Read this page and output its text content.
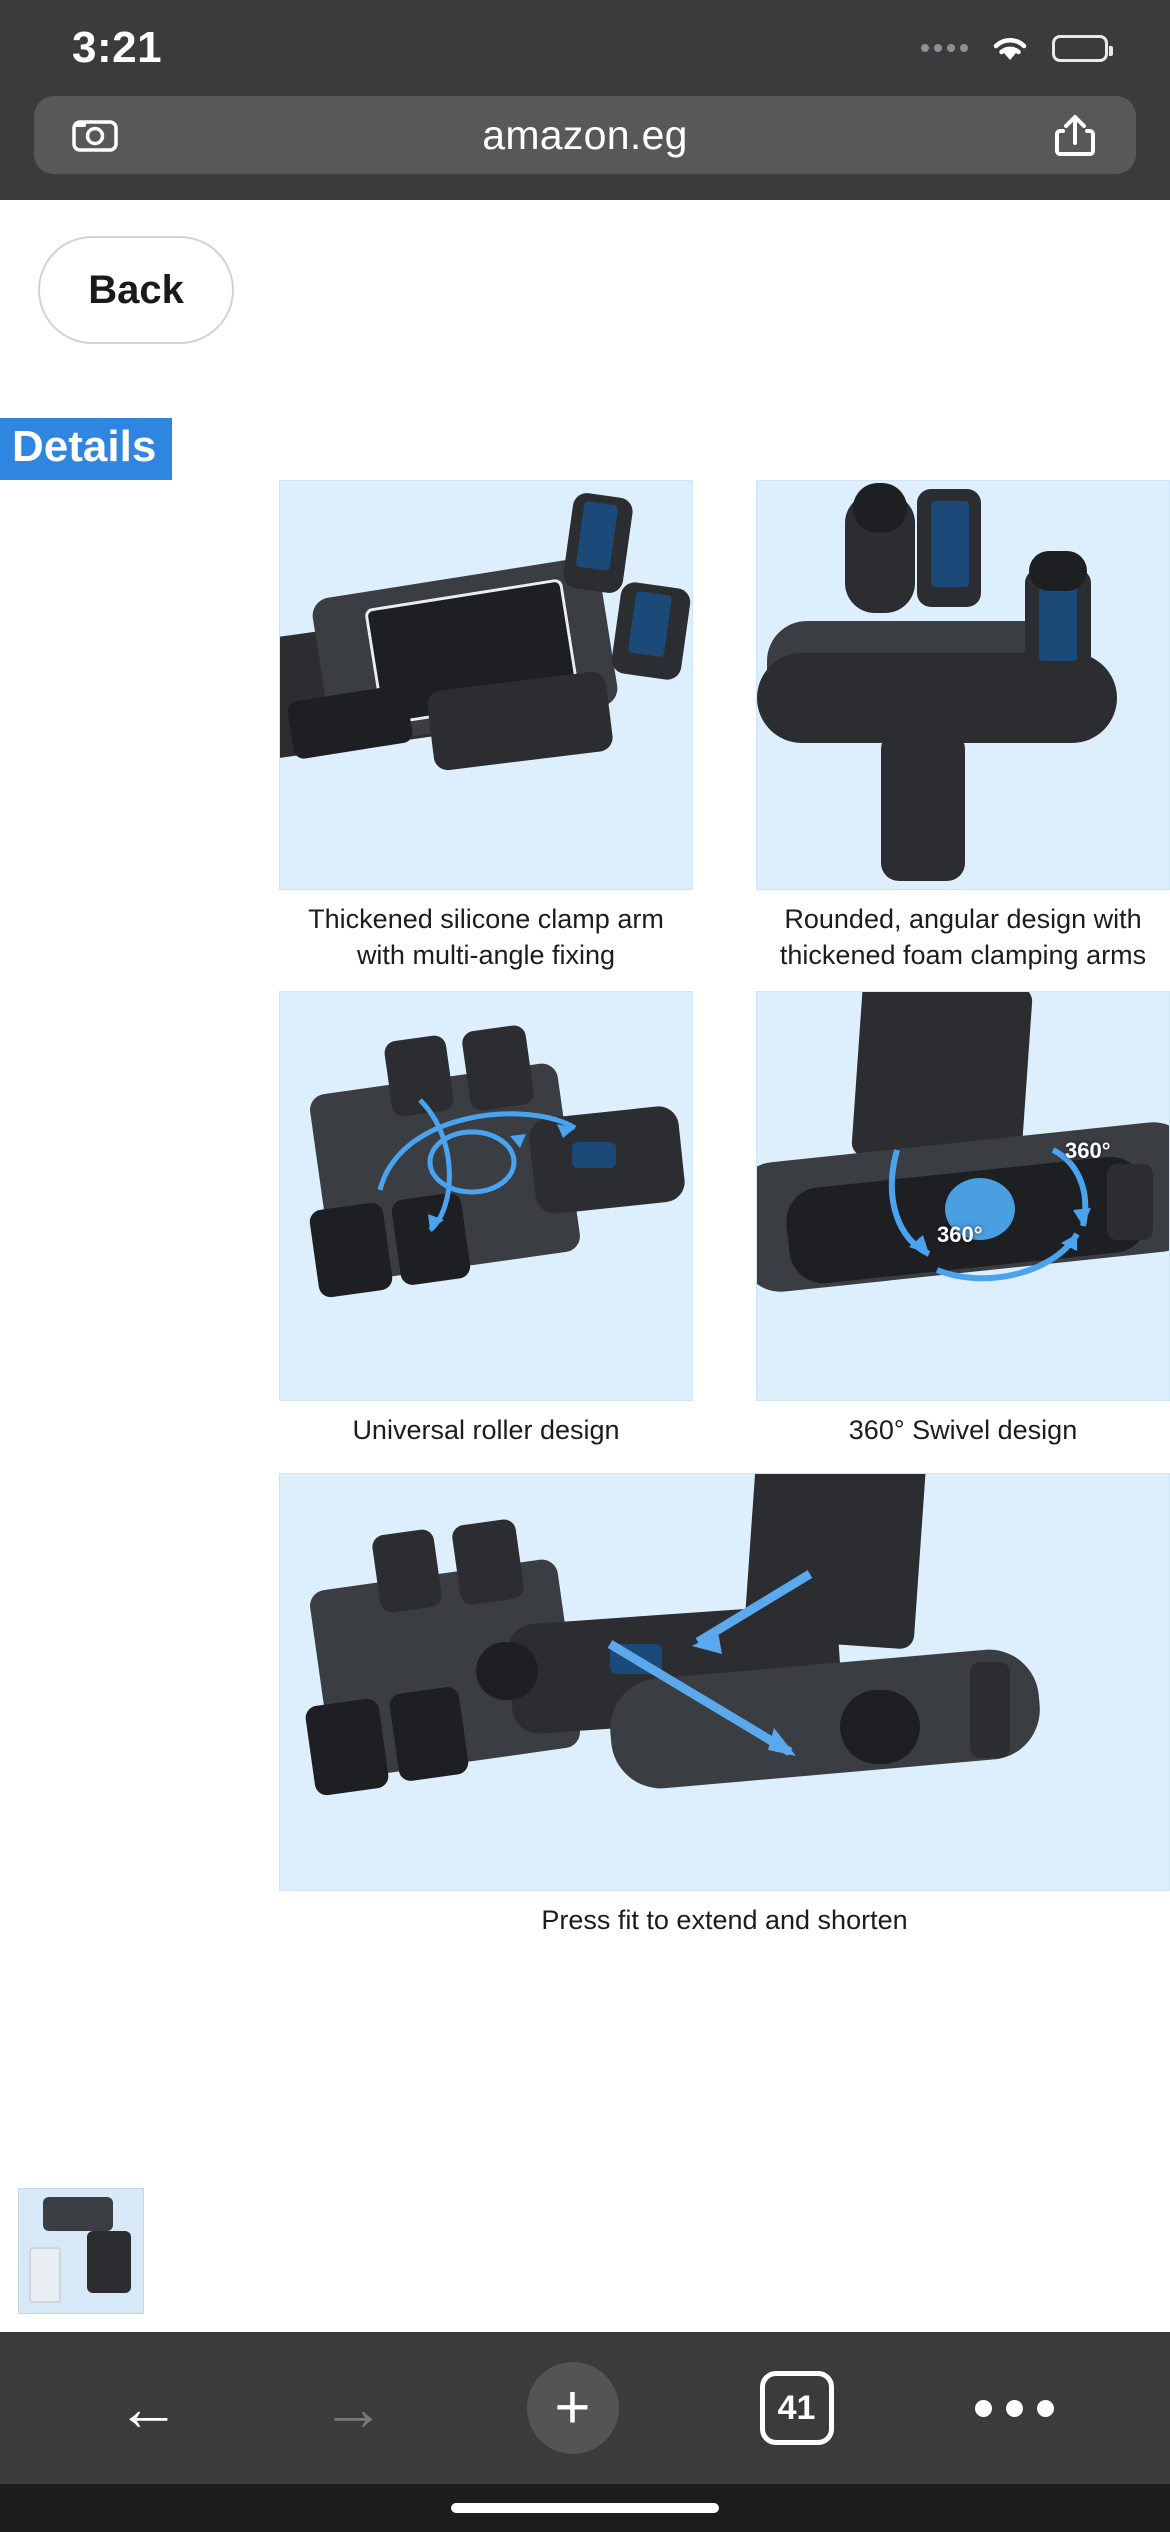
3:21
amazon.eg
Back
Details
Thickened silicone clamp arm with multi-angle fixing
Rounded, angular design with thickened foam clamping arms
Universal roller design
360°
360°
360° Swivel design
Press fit to extend and shorten
← →	+	41
